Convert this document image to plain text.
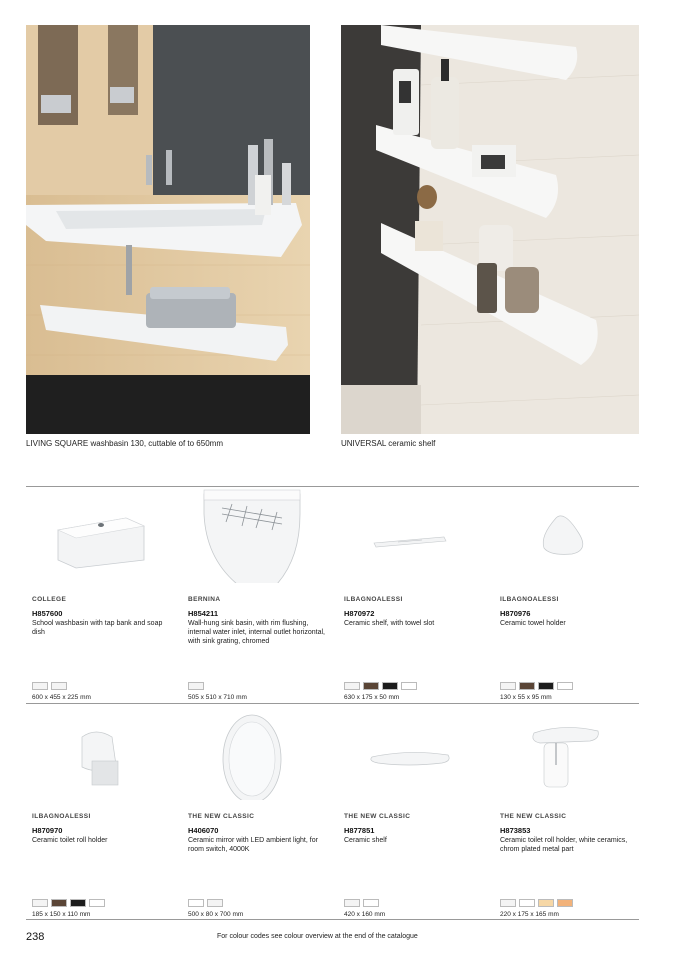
LIVING SQUARE washbasin 130, cuttable of to 650mm	UNIVERSAL ceramic shelf
COLLEGE
H857600
School washbasin with tap bank and soap dish
600 x 455 x 225 mm
BERNINA
H854211
Wall-hung sink basin, with rim flushing, internal water inlet, internal outlet horizontal, with sink grating, chromed
505 x 510 x 710 mm
ILBAGNOALESSI
H870972
Ceramic shelf, with towel slot
630 x 175 x 50 mm
ILBAGNOALESSI
H870976
Ceramic towel holder
130 x 55 x 95 mm
ILBAGNOALESSI
H870970
Ceramic toilet roll holder
185 x 150 x 110 mm
THE NEW CLASSIC
H406070
Ceramic mirror with LED ambient light, for room switch, 4000K
500 x 80 x 700 mm
THE NEW CLASSIC
H877851
Ceramic shelf
420 x 160 mm
THE NEW CLASSIC
H873853
Ceramic toilet roll holder, white ceramics, chrom plated metal part
220 x 175 x 165 mm
238	For colour codes see colour overview at the end of the catalogue
